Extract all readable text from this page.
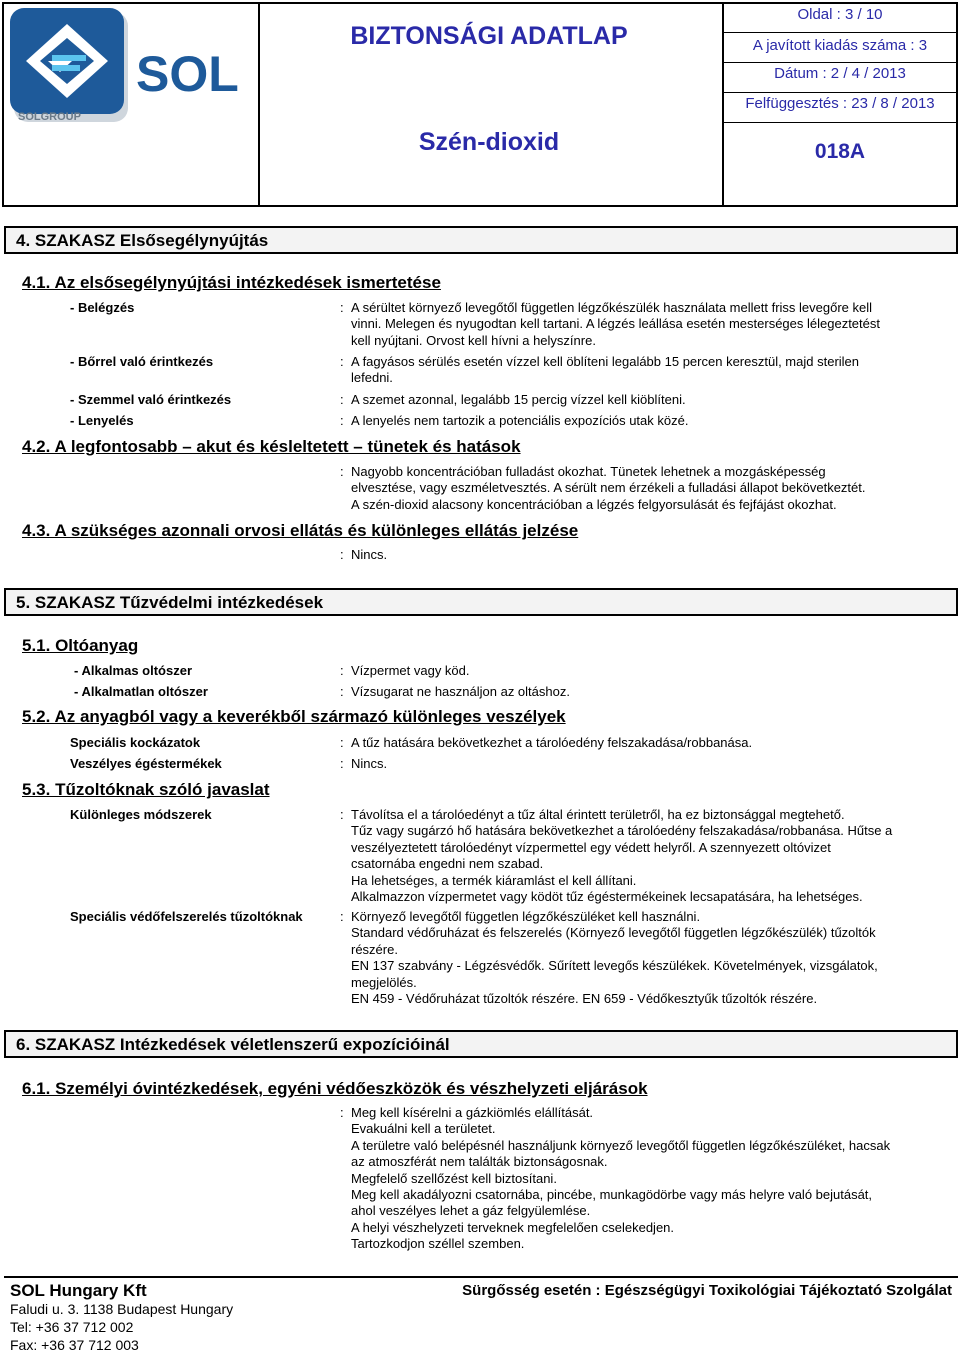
SOL
SOLGROUP
BIZTONSÁGI ADATLAP
Szén-dioxid
Oldal : 3 / 10
A javított kiadás száma : 3
Dátum : 2 / 4 / 2013
Felfüggesztés : 23 / 8 / 2013
018A
4. SZAKASZ Elsősegélynyújtás
4.1. Az elsősegélynyújtási intézkedések ismertetése
- Belégzés	: A sérültet környező levegőtől független légzőkészülék használata mellett friss levegőre kell
vinni. Melegen és nyugodtan kell tartani. A légzés leállása esetén mesterséges lélegeztetést
kell nyújtani. Orvost kell hívni a helyszínre.
- Bőrrel való érintkezés	: A fagyásos sérülés esetén vízzel kell öblíteni legalább 15 percen keresztül, majd sterilen
lefedni.
- Szemmel való érintkezés	: A szemet azonnal, legalább 15 percig vízzel kell kiöblíteni.
- Lenyelés	: A lenyelés nem tartozik a potenciális expozíciós utak közé.
4.2. A legfontosabb – akut és késleltetett – tünetek és hatások
: Nagyobb koncentrációban fulladást okozhat. Tünetek lehetnek a mozgásképesség
elvesztése, vagy eszméletvesztés. A sérült nem érzékeli a fulladási állapot bekövetkeztét.
A szén-dioxid alacsony koncentrációban a légzés felgyorsulását és fejfájást okozhat.
4.3. A szükséges azonnali orvosi ellátás és különleges ellátás jelzése
: Nincs.
5. SZAKASZ Tűzvédelmi intézkedések
5.1. Oltóanyag
- Alkalmas oltószer	: Vízpermet vagy köd.
- Alkalmatlan oltószer	: Vízsugarat ne használjon az oltáshoz.
5.2. Az anyagból vagy a keverékből származó különleges veszélyek
Speciális kockázatok	: A tűz hatására bekövetkezhet a tárolóedény felszakadása/robbanása.
Veszélyes égéstermékek	: Nincs.
5.3. Tűzoltóknak szóló javaslat
Különleges módszerek	: Távolítsa el a tárolóedényt a tűz által érintett területről, ha ez biztonsággal megtehető.
Tűz vagy sugárzó hő hatására bekövetkezhet a tárolóedény felszakadása/robbanása. Hűtse a
veszélyeztetett tárolóedényt vízpermettel egy védett helyről. A szennyezett oltóvizet
csatornába engedni nem szabad.
Ha lehetséges, a termék kiáramlást el kell állítani.
Alkalmazzon vízpermetet vagy ködöt tűz égéstermékeinek lecsapatására, ha lehetséges.
Speciális védőfelszerelés tűzoltóknak	: Környező levegőtől független légzőkészüléket kell használni.
Standard védőruházat és felszerelés (Környező levegőtől független légzőkészülék) tűzoltók
részére.
EN 137 szabvány - Légzésvédők. Sűrített levegős készülékek. Követelmények, vizsgálatok,
megjelölés.
EN 459 - Védőruházat tűzoltók részére. EN 659 - Védőkesztyűk tűzoltók részére.
6. SZAKASZ Intézkedések véletlenszerű expozícióinál
6.1. Személyi óvintézkedések, egyéni védőeszközök és vészhelyzeti eljárások
: Meg kell kísérelni a gázkiömlés elállítását.
Evakuálni kell a területet.
A területre való belépésnél használjunk környező levegőtől független légzőkészüléket, hacsak
az atmoszférát nem találták biztonságosnak.
Megfelelő szellőzést kell biztosítani.
Meg kell akadályozni csatornába, pincébe, munkagödörbe vagy más helyre való bejutását,
ahol veszélyes lehet a gáz felgyülemlése.
A helyi vészhelyzeti terveknek megfelelően cselekedjen.
Tartozkodjon széllel szemben.
SOL Hungary Kft
Faludi u. 3. 1138 Budapest Hungary
Tel: +36 37 712 002
Fax: +36 37 712 003
Sürgősség esetén : Egészségügyi Toxikológiai Tájékoztató Szolgálat
